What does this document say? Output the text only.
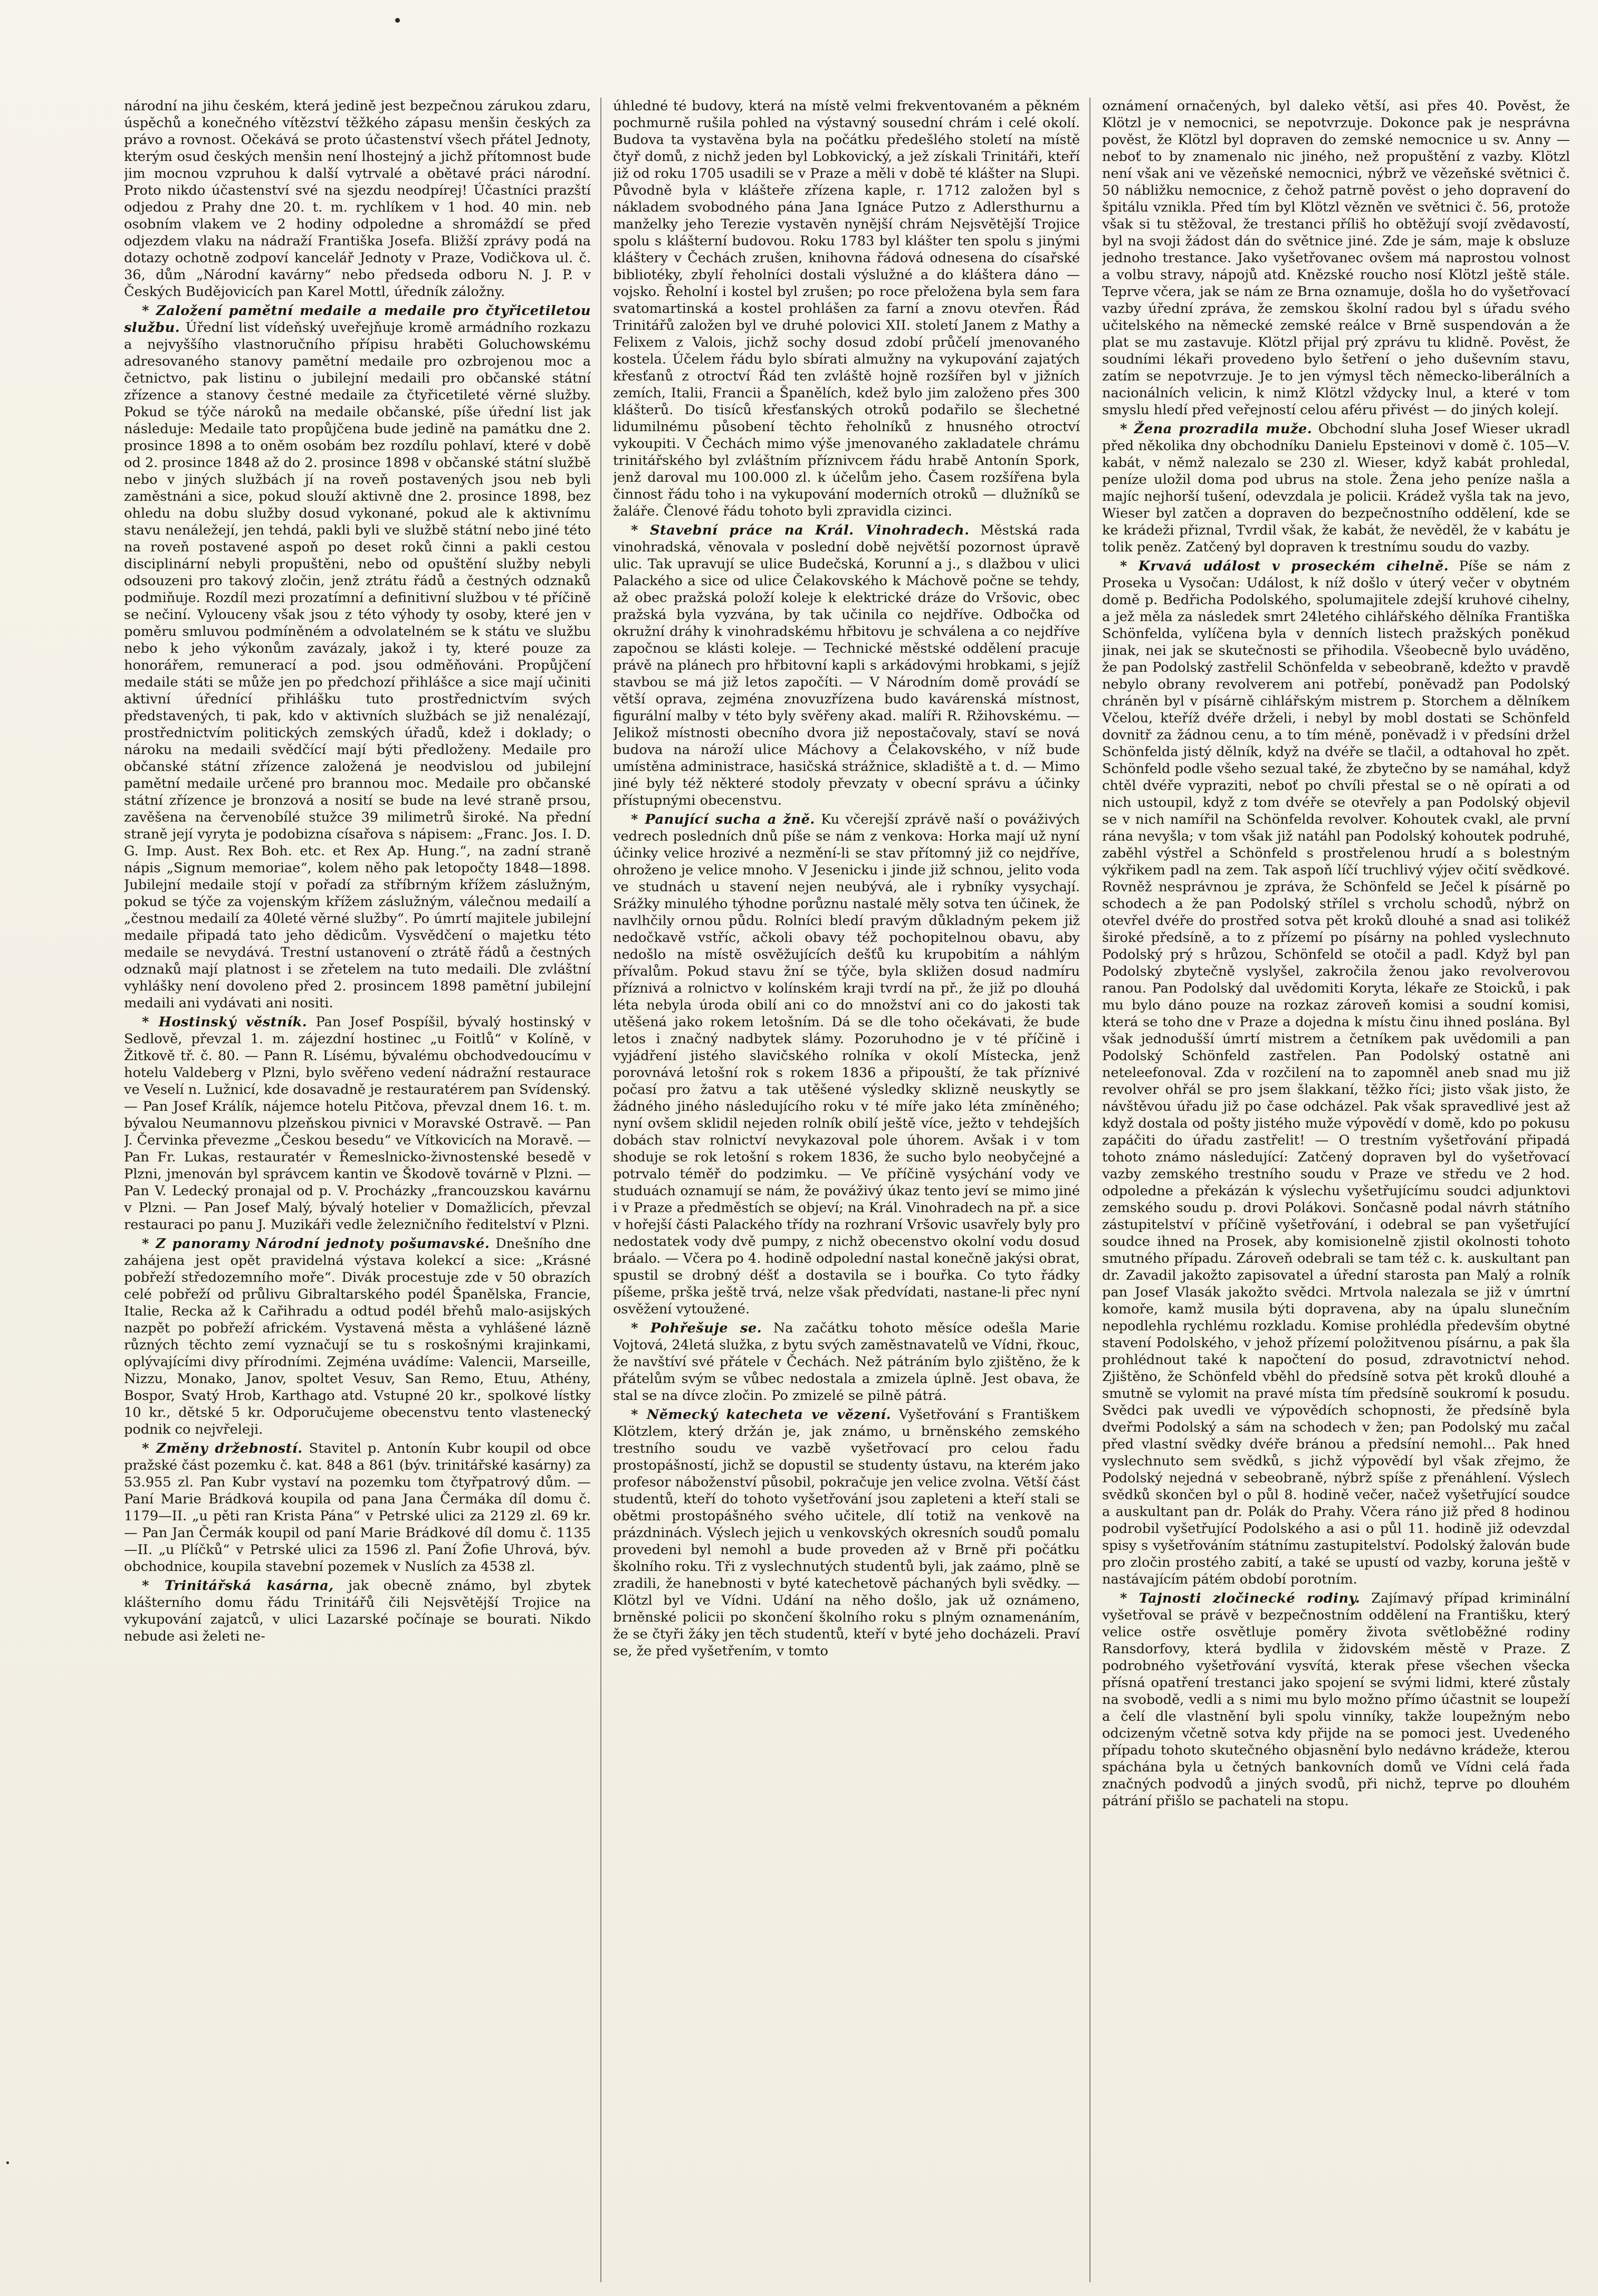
národní na jihu českém, která jedině jest bezpečnou zárukou zdaru, úspěchů a konečného vítězství těžkého zápasu menšin českých za právo a rovnost. Očekává se proto účastenství všech přátel Jednoty, kterým osud českých menšin není lhostejný a jichž přítomnost bude jim mocnou vzpruhou k další vytrvalé a obětavé práci národní. Proto nikdo účastenství své na sjezdu neodpírej! Účastníci prazští odjedou z Prahy dne 20. t. m. rychlíkem v 1 hod. 40 min. neb osobním vlakem ve 2 hodiny odpoledne a shromáždí se před odjezdem vlaku na nádraží Františka Josefa. Bližší zprávy podá na dotazy ochotně zodpoví kancelář Jednoty v Praze, Vodičkova ul. č. 36, dům „Národní kavárny“ nebo předseda odboru N. J. P. v Českých Budějovicích pan Karel Mottl, úředník záložny.

* Založení pamětní medaile a medaile pro čtyřicetiletou službu. Úřední list vídeňský uveřejňuje kromě armádního rozkazu a nejvyššího vlastnoručního přípisu hraběti Goluchowskému adresovaného stanovy pamětní medaile pro ozbrojenou moc a četnictvo, pak listinu o jubilejní medaili pro občanské státní zřízence a stanovy čestné medaile za čtyřicetileté věrné služby. Pokud se týče nároků na medaile občanské, píše úřední list jak následuje: Medaile tato propůjčena bude jedině na památku dne 2. prosince 1898 a to oněm osobám bez rozdílu pohlaví, které v době od 2. prosince 1848 až do 2. prosince 1898 v občanské státní službě nebo v jiných službách jí na roveň postavených jsou neb byli zaměstnáni a sice, pokud slouží aktivně dne 2. prosince 1898, bez ohledu na dobu služby dosud vykonané, pokud ale k aktivnímu stavu nenáležejí, jen tehdá, pakli byli ve službě státní nebo jiné této na roveň postavené aspoň po deset roků činni a pakli cestou disciplinární nebyli propuštěni, nebo od opuštění služby nebyli odsouzeni pro takový zločin, jenž ztrátu řádů a čestných odznaků podmiňuje. Rozdíl mezi prozatímní a definitivní službou v té příčině se nečiní. Vylouceny však jsou z této výhody ty osoby, které jen v poměru smluvou podmíněném a odvolatelném se k státu ve službu nebo k jeho výkonům zavázaly, jakož i ty, které pouze za honorářem, remunerací a pod. jsou odměňováni. Propůjčení medaile státi se může jen po předchozí přihlášce a sice mají učiniti aktivní úřednící přihlášku tuto prostřednictvím svých představených, ti pak, kdo v aktivních službách se již nenalézají, prostřednictvím politických zemských úřadů, kdež i doklady; o nároku na medaili svědčící mají býti předloženy. Medaile pro občanské státní zřízence založená je neodvislou od jubilejní pamětní medaile určené pro brannou moc. Medaile pro občanské státní zřízence je bronzová a nosití se bude na levé straně prsou, zavěšena na červenobílé stužce 39 milimetrů široké. Na přední straně její vyryta je podobizna císařova s nápisem: „Franc. Jos. I. D. G. Imp. Aust. Rex Boh. etc. et Rex Ap. Hung.“, na zadní straně nápis „Signum memoriae“, kolem něho pak letopočty 1848—1898. Jubilejní medaile stojí v pořadí za stříbrným křížem záslužným, pokud se týče za vojenským křížem záslužným, válečnou medailí a „čestnou medailí za 40leté věrné služby“. Po úmrtí majitele jubilejní medaile připadá tato jeho dědicům. Vysvědčení o majetku této medaile se nevydává. Trestní ustanovení o ztrátě řádů a čestných odznaků mají platnost i se zřetelem na tuto medaili. Dle zvláštní vyhlášky není dovoleno před 2. prosincem 1898 pamětní jubilejní medaili ani vydávati ani nositi.

* Hostinský věstník. Pan Josef Pospíšil, bývalý hostinský v Sedlově, převzal 1. m. zájezdní hostinec „u Foitlů“ v Kolíně, v Žitkově tř. č. 80. — Pann R. Lísému, bývalému obchodvedoucímu v hotelu Valdeberg v Plzni, bylo svěřeno vedení nádražní restaurace ve Veselí n. Lužnicí, kde dosavadně je restauratérem pan Svídenský. — Pan Josef Králík, nájemce hotelu Pitčova, převzal dnem 16. t. m. bývalou Neumannovu plzeňskou pivnici v Moravské Ostravě. — Pan J. Červinka převezme „Českou besedu“ ve Vítkovicích na Moravě. — Pan Fr. Lukas, restauratér v Řemeslnicko-živnostenské besedě v Plzni, jmenován byl správcem kantin ve Škodově továrně v Plzni. — Pan V. Ledecký pronajal od p. V. Procházky „francouzskou kavárnu v Plzni. — Pan Josef Malý, bývalý hotelier v Domažlicích, převzal restauraci po panu J. Muzikáři vedle železničního ředitelství v Plzni.

* Z panoramy Národní jednoty pošumavské. Dnešního dne zahájena jest opět pravidelná výstava kolekcí a sice: „Krásné pobřeží středozemního moře“. Divák procestuje zde v 50 obrazích celé pobřeží od průlivu Gibraltarského podél Španělska, Francie, Italie, Recka až k Cařihradu a odtud podél břehů malo-asijských nazpět po pobřeží africkém. Vystavená města a vyhlášené lázně různých těchto zemí vyznačují se tu s roskošnými krajinkami, oplývajícími divy přírodními. Zejména uvádíme: Valencii, Marseille, Nizzu, Monako, Janov, spoltet Vesuv, San Remo, Etuu, Athény, Bospor, Svatý Hrob, Karthago atd. Vstupné 20 kr., spolkové lístky 10 kr., dětské 5 kr. Odporučujeme obecenstvu tento vlastenecký podnik co nejvřeleji.

* Změny držebností. Stavitel p. Antonín Kubr koupil od obce pražské část pozemku č. kat. 848 a 861 (býv. trinitářské kasárny) za 53.955 zl. Pan Kubr vystaví na pozemku tom čtyřpatrový dům. — Paní Marie Brádková koupila od pana Jana Čermáka díl domu č. 1179—II. „u pěti ran Krista Pána“ v Petrské ulici za 2129 zl. 69 kr. — Pan Jan Čermák koupil od paní Marie Brádkové díl domu č. 1135—II. „u Plíčků“ v Petrské ulici za 1596 zl. Paní Žofie Uhrová, býv. obchodnice, koupila stavební pozemek v Nuslích za 4538 zl.

* Trinitářská kasárna, jak obecně známo, byl zbytek klášterního domu řádu Trinitářů čili Nejsvětější Trojice na vykupování zajatců, v ulici Lazarské počínaje se bourati. Nikdo nebude asi želeti ne-

úhledné té budovy, která na místě velmi frekventovaném a pěkném pochmurně rušila pohled na výstavný sousední chrám i celé okolí. Budova ta vystavěna byla na počátku předešlého století na místě čtyř domů, z nichž jeden byl Lobkovický, a jež získali Trinitáři, kteří již od roku 1705 usadili se v Praze a měli v době té klášter na Slupi. Původně byla v klášteře zřízena kaple, r. 1712 založen byl s nákladem svobodného pána Jana Ignáce Putzo z Adlersthurnu a manželky jeho Terezie vystavěn nynější chrám Nejsvětější Trojice spolu s klášterní budovou. Roku 1783 byl klášter ten spolu s jinými kláštery v Čechách zrušen, knihovna řádová odnesena do císařské bibliotéky, zbylí řeholníci dostali výslužné a do kláštera dáno — vojsko. Řeholní i kostel byl zrušen; po roce přeložena byla sem fara svatomartinská a kostel prohlášen za farní a znovu otevřen. Řád Trinitářů založen byl ve druhé polovici XII. století Janem z Mathy a Felixem z Valois, jichž sochy dosud zdobí průčelí jmenovaného kostela. Účelem řádu bylo sbírati almužny na vykupování zajatých křesťanů z otroctví Řád ten zvláště hojně rozšířen byl v jižních zemích, Italii, Francii a Španělích, kdež bylo jim založeno přes 300 klášterů. Do tisíců křesťanských otroků podařilo se šlechetné lidumilnému působení těchto řeholníků z hnusného otroctví vykoupiti. V Čechách mimo výše jmenovaného zakladatele chrámu trinitářského byl zvláštním příznivcem řádu hrabě Antonín Spork, jenž daroval mu 100.000 zl. k účelům jeho. Časem rozšířena byla činnost řádu toho i na vykupování moderních otroků — dlužníků se žaláře. Členové řádu tohoto byli zpravidla cizinci.

* Stavební práce na Král. Vinohradech. Městská rada vinohradská, věnovala v poslední době největší pozornost úpravě ulic. Tak upravují se ulice Budečská, Korunní a j., s dlažbou v ulici Palackého a sice od ulice Čelakovského k Máchově počne se tehdy, až obec pražská položí koleje k elektrické dráze do Vršovic, obec pražská byla vyzvána, by tak učinila co nejdříve. Odbočka od okružní dráhy k vinohradskému hřbitovu je schválena a co nejdříve započnou se klásti koleje. — Technické městské oddělení pracuje právě na plánech pro hřbitovní kapli s arkádovými hrobkami, s jejíž stavbou se má již letos započíti. — V Národním domě provádí se větší oprava, zejména znovuzřízena budo kavárenská místnost, figurální malby v této byly svěřeny akad. malíři R. Ržihovskému. — Jelikož místnosti obecního dvora již nepostačovaly, staví se nová budova na nároží ulice Máchovy a Čelakovského, v níž bude umístěna administrace, hasičská strážnice, skladiště a t. d. — Mimo jiné byly též některé stodoly převzaty v obecní správu a účinky přístupnými obecenstvu.

* Panující sucha a žně. Ku včerejší zprávě naší o pováživých vedrech posledních dnů píše se nám z venkova: Horka mají už nyní účinky velice hrozivé a nezmění-li se stav přítomný již co nejdříve, ohroženo je velice mnoho. V Jesenicku i jinde již schnou, jelito voda ve studnách u stavení nejen neubývá, ale i rybníky vysychají. Srážky minulého týhodne porůznu nastalé měly sotva ten účinek, že navlhčily ornou půdu. Rolníci bledí pravým důkladným pekem již nedočkavě vstříc, ačkoli obavy též pochopitelnou obavu, aby nedošlo na místě osvěžujících dešťů ku krupobitím a náhlým přívalům. Pokud stavu žní se týče, byla skližen dosud nadmíru příznivá a rolnictvo v kolínském kraji tvrdí na př., že již po dlouhá léta nebyla úroda obilí ani co do množství ani co do jakosti tak utěšená jako rokem letošním. Dá se dle toho očekávati, že bude letos i značný nadbytek slámy. Pozoruhodno je v té příčině i vyjádření jistého slavičského rolníka v okolí Místecka, jenž porovnává letošní rok s rokem 1836 a připouští, že tak příznivé počasí pro žatvu a tak utěšené výsledky sklizně neuskytly se žádného jiného následujícího roku v té míře jako léta zmíněného; nyní ovšem sklidil nejeden rolník obilí ještě více, ježto v tehdejších dobách stav rolnictví nevykazoval pole úhorem. Avšak i v tom shoduje se rok letošní s rokem 1836, že sucho bylo neobyčejné a potrvalo téměř do podzimku. — Ve příčině vysýchání vody ve studuách oznamují se nám, že pováživý úkaz tento jeví se mimo jiné i v Praze a předměstích se objeví; na Král. Vinohradech na př. a sice v hořejší části Palackého třídy na rozhraní Vršovic usavřely byly pro nedostatek vody dvě pumpy, z nichž obecenstvo okolní vodu dosud bráalo. — Včera po 4. hodině odpolední nastal konečně jakýsi obrat, spustil se drobný déšť a dostavila se i bouřka. Co tyto řádky píšeme, prška ještě trvá, nelze však předvídati, nastane-li přec nyní osvěžení vytoužené.

* Pohřešuje se. Na začátku tohoto měsíce odešla Marie Vojtová, 24letá služka, z bytu svých zaměstnavatelů ve Vídni, řkouc, že navštíví své přátele v Čechách. Než pátráním bylo zjištěno, že k přátelům svým se vůbec nedostala a zmizela úplně. Jest obava, že stal se na dívce zločin. Po zmizelé se pilně pátrá.

* Německý katecheta ve vězení. Vyšetřování s Františkem Klötzlem, který držán je, jak známo, u brněnského zemského trestního soudu ve vazbě vyšetřovací pro celou řadu prostopášností, jichž se dopustil se studenty ústavu, na kterém jako profesor náboženství působil, pokračuje jen velice zvolna. Větší část studentů, kteří do tohoto vyšetřování jsou zapleteni a kteří stali se obětmi prostopášného svého učitele, dlí totiž na venkově na prázdninách. Výslech jejich u venkovských okresních soudů pomalu provedeni byl nemohl a bude proveden až v Brně při počátku školního roku. Tři z vyslechnutých studentů byli, jak zaámo, plně se zradili, že hanebnosti v byté katechetově páchaných byli svědky. — Klötzl byl ve Vídni. Udání na něho došlo, jak už oznámeno, brněnské policii po skončení školního roku s plným oznamenáním, že se čtyři žáky jen těch studentů, kteří v byté jeho docházeli. Praví se, že před vyšetřením, v tomto

oznámení ornačených, byl daleko větší, asi přes 40. Pověst, že Klötzl je v nemocnici, se nepotvrzuje. Dokonce pak je nesprávna pověst, že Klötzl byl dopraven do zemské nemocnice u sv. Anny — neboť to by znamenalo nic jiného, než propuštění z vazby. Klötzl není však ani ve vězeňské nemocnici, nýbrž ve vězeňské světnici č. 50 nábližku nemocnice, z čehož patrně pověst o jeho dopravení do špitálu vznikla. Před tím byl Klötzl vězněn ve světnici č. 56, protože však si tu stěžoval, že trestanci příliš ho obtěžují svojí zvědavostí, byl na svoji žádost dán do světnice jiné. Zde je sám, maje k obsluze jednoho trestance. Jako vyšetřovanec ovšem má naprostou volnost a volbu stravy, nápojů atd. Knězské roucho nosí Klötzl ještě stále. Teprve včera, jak se nám ze Brna oznamuje, došla ho do vyšetřovací vazby úřední zpráva, že zemskou školní radou byl s úřadu svého učitelského na německé zemské reálce v Brně suspendován a že plat se mu zastavuje. Klötzl přijal prý zprávu tu klidně. Pověst, že soudními lékaři provedeno bylo šetření o jeho duševním stavu, zatím se nepotvrzuje. Je to jen výmysl těch německo-liberálních a nacionálních velicin, k nimž Klötzl vždycky lnul, a které v tom smyslu hledí před veřejností celou aféru přivést — do jiných kolejí.

* Žena prozradila muže. Obchodní sluha Josef Wieser ukradl před několika dny obchodníku Danielu Epsteinovi v domě č. 105—V. kabát, v němž nalezalo se 230 zl. Wieser, když kabát prohledal, peníze uložil doma pod ubrus na stole. Žena jeho peníze našla a majíc nejhorší tušení, odevzdala je policii. Krádež vyšla tak na jevo, Wieser byl zatčen a dopraven do bezpečnostního oddělení, kde se ke krádeži přiznal, Tvrdil však, že kabát, že nevěděl, že v kabátu je tolik peněz. Zatčený byl dopraven k trestnímu soudu do vazby.

* Krvavá událost v proseckém cihelně. Píše se nám z Proseka u Vysočan: Událost, k níž došlo v úterý večer v obytném domě p. Bedřicha Podolského, spolumajitele zdejší kruhové cihelny, a jež měla za následek smrt 24letého cihlářského dělníka Františka Schönfelda, vylíčena byla v denních listech pražských poněkud jinak, nei jak se skutečnosti se přihodila. Všeobecně bylo uváděno, že pan Podolský zastřelil Schönfelda v sebeobraně, kdežto v pravdě nebylo obrany revolverem ani potřebí, poněvadž pan Podolský chráněn byl v písárně cihlářským mistrem p. Storchem a dělníkem Včelou, kteříž dvéře drželi, i nebyl by mobl dostati se Schönfeld dovnitř za žádnou cenu, a to tím méně, poněvadž i v předsíni držel Schönfelda jistý dělník, když na dvéře se tlačil, a odtahoval ho zpět. Schönfeld podle všeho sezual také, že zbytečno by se namáhal, když chtěl dvéře vypraziti, neboť po chvíli přestal se o ně opírati a od nich ustoupil, když z tom dvéře se otevřely a pan Podolský objevil se v nich namířil na Schönfelda revolver. Kohoutek cvakl, ale první rána nevyšla; v tom však již natáhl pan Podolský kohoutek podruhé, zaběhl výstřel a Schönfeld s prostřelenou hrudí a s bolestným výkřikem padl na zem. Tak aspoň líčí truchlivý výjev očití svědkové. Rovněž nesprávnou je zpráva, že Schönfeld se Ječel k písárně po schodech a že pan Podolský střílel s vrcholu schodů, nýbrž on otevřel dvéře do prostřed sotva pět kroků dlouhé a snad asi tolikéž široké předsíně, a to z přízemí po písárny na pohled vyslechnuto Podolský prý s hrůzou, Schönfeld se otočil a padl. Když byl pan Podolský zbytečně vyslyšel, zakročila ženou jako revolverovou ranou. Pan Podolský dal uvědomiti Koryta, lékaře ze Stoicků, i pak mu bylo dáno pouze na rozkaz zároveň komisi a soudní komisi, která se toho dne v Praze a dojedna k místu činu ihned poslána. Byl však jednodušší úmrtí mistrem a četníkem pak uvědomili a pan Podolský Schönfeld zastřelen. Pan Podolský ostatně ani neteleefonoval. Zda v rozčilení na to zapomněl aneb snad mu již revolver ohřál se pro jsem šlakkaní, těžko říci; jisto však jisto, že návštěvou úřadu již po čase odcházel. Pak však spravedlivé jest až když dostala od pošty jistého muže výpovědí v domě, kdo po pokusu zapáčiti do úřadu zastřelit! — O trestním vyšetřování připadá tohoto známo následující: Zatčený dopraven byl do vyšetřovací vazby zemského trestního soudu v Praze ve středu ve 2 hod. odpoledne a překázán k výslechu vyšetřujícímu soudci adjunktovi zemského soudu p. drovi Polákovi. Sončasně podal návrh státního zástupitelství v příčině vyšetřování, i odebral se pan vyšetřující soudce ihned na Prosek, aby komisionelně zjistil okolnosti tohoto smutného případu. Zároveň odebrali se tam též c. k. auskultant pan dr. Zavadil jakožto zapisovatel a úřední starosta pan Malý a rolník pan Josef Vlasák jakožto svědci. Mrtvola nalezala se již v úmrtní komoře, kamž musila býti dopravena, aby na úpalu slunečním nepodlehla rychlému rozkladu. Komise prohlédla především obytné stavení Podolského, v jehož přízemí položitvenou písárnu, a pak šla prohlédnout také k napočtení do posud, zdravotnictví nehod. Zjištěno, že Schönfeld vběhl do předsíně sotva pět kroků dlouhé a smutně se vylomit na pravé místa tím předsíně soukromí k posudu. Svědci pak uvedli ve výpovědích schopnosti, že předsíně byla dveřmi Podolský a sám na schodech v žen; pan Podolský mu začal před vlastní svědky dvéře bránou a předsíní nemohl... Pak hned vyslechnuto sem svědků, s jichž výpovědí byl však zřejmo, že Podolský nejedná v sebeobraně, nýbrž spíše z přenáhlení. Výslech svědků skončen byl o půl 8. hodině večer, načež vyšetřující soudce a auskultant pan dr. Polák do Prahy. Včera ráno již před 8 hodinou podrobil vyšetřující Podolského a asi o půl 11. hodině již odevzdal spisy s vyšetřováním státnímu zastupitelství. Podolský žalován bude pro zločin prostého zabití, a také se upustí od vazby, koruna ještě v nastávajícím pátém období porotním.

* Tajnosti zločinecké rodiny. Zajímavý případ kriminální vyšetřoval se právě v bezpečnostním oddělení na Františku, který velice ostře osvětluje poměry života světloběžné rodiny Ransdorfovy, která bydlila v židovském městě v Praze. Z podrobného vyšetřování vysvítá, kterak přese všechen všecka přísná opatření trestanci jako spojení se svými lidmi, které zůstaly na svobodě, vedli a s nimi mu bylo možno přímo účastnit se loupeží a čelí dle vlastnění byli spolu vinníky, takže loupežným nebo odcizeným včetně sotva kdy přijde na se pomoci jest. Uvedeného případu tohoto skutečného objasnění bylo nedávno krádeže, kterou spáchána byla u četných bankovních domů ve Vídni celá řada značných podvodů a jiných svodů, při nichž, teprve po dlouhém pátrání přišlo se pachateli na stopu.
